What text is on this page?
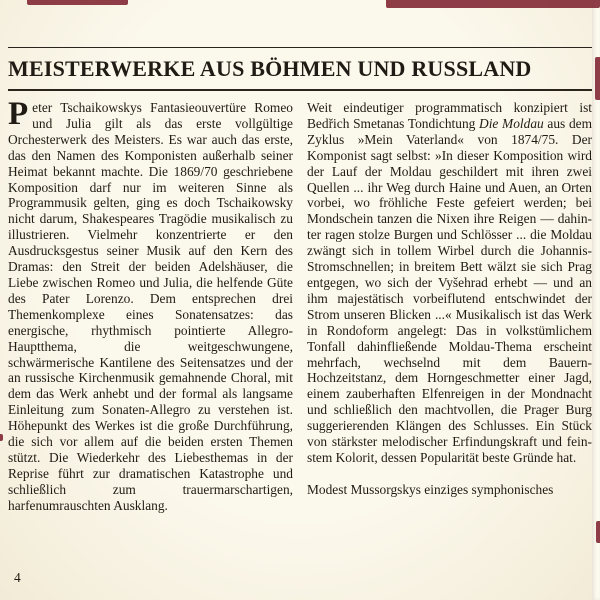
MEISTERWERKE AUS BÖHMEN UND RUSSLAND

Peter Tschaikowskys Fantasieouvertüre Romeo und Julia gilt als das erste vollgültige Orchesterwerk des Meisters. Es war auch das erste, das den Namen des Komponisten außerhalb seiner Heimat bekannt machte. Die 1869/70 geschriebene Komposition darf nur im weiteren Sinne als Programmusik gelten, ging es doch Tschaikowsky nicht darum, Shakespeares Tragödie musikalisch zu illustrieren. Vielmehr konzentrierte er den Ausdrucksgestus seiner Musik auf den Kern des Dramas: den Streit der beiden Adelshäuser, die Liebe zwischen Romeo und Julia, die helfende Güte des Pater Lorenzo. Dem entsprechen drei Themenkomplexe eines Sonatensatzes: das energische, rhythmisch pointierte Allegro-Hauptthema, die weitgeschwungene, schwärmerische Kantilene des Seitensatzes und der an russische Kirchenmusik gemahnende Choral, mit dem das Werk anhebt und der formal als langsame Einleitung zum Sonaten-Allegro zu verstehen ist. Höhepunkt des Werkes ist die große Durchführung, die sich vor allem auf die beiden ersten Themen stützt. Die Wiederkehr des Liebesthemas in der Reprise führt zur dramatischen Katastrophe und schließlich zum trauermarschartigen, harfenumrauschten Ausklang.

Weit eindeutiger programmatisch konzipiert ist Bedřich Smetanas Tondichtung Die Moldau aus dem Zyklus »Mein Vaterland« von 1874/75. Der Komponist sagt selbst: »In dieser Komposition wird der Lauf der Moldau geschildert mit ihren zwei Quellen ... ihr Weg durch Haine und Auen, an Orten vorbei, wo fröhliche Feste gefeiert werden; bei Mondschein tanzen die Nixen ihre Reigen — dahinter ragen stolze Burgen und Schlösser ... die Moldau zwängt sich in tollem Wirbel durch die Johannis-Stromschnellen; in breitem Bett wälzt sie sich Prag entgegen, wo sich der Vyšehrad erhebt — und an ihm majestätisch vorbeiflutend entschwindet der Strom unseren Blicken ...« Musikalisch ist das Werk in Rondoform angelegt: Das in volkstümlichem Tonfall dahinfließende Moldau-Thema erscheint mehrfach, wechselnd mit dem Bauern-Hochzeitstanz, dem Horngeschmetter einer Jagd, einem zauberhaften Elfenreigen in der Mondnacht und schließlich den machtvollen, die Prager Burg suggerierenden Klängen des Schlusses. Ein Stück von stärkster melodischer Erfindungskraft und feinstem Kolorit, dessen Popularität beste Gründe hat.

Modest Mussorgskys einziges symphonisches

4
